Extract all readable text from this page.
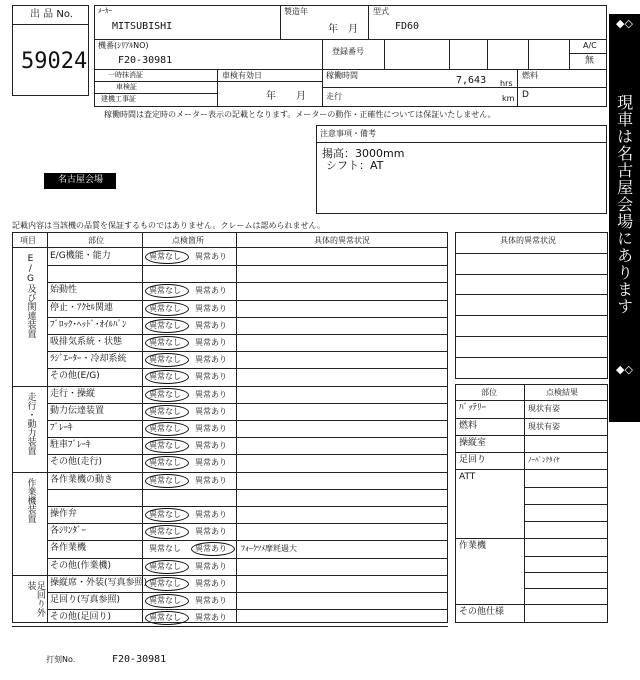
出 品 No.
59024
ﾒｰｶｰ
MITSUBISHI
製造年
年　月
型式
FD60
機番(ｼﾘｱﾙNO)
F20-30981
登録番号
A/C
無
一時抹消証
車検証
建機工事証
車検有効日
年　　月
稼働時間	7,643 hrs
走行	km
燃料
D
稼働時間は査定時のメーター表示の記載となります。メーターの動作・正確性については保証いたしません。
注意事項・備考
揚高：3000mm
シフト：AT
名古屋会場
◆◇
現車は名古屋会場にあります
◆◇
記載内容は当該機の品質を保証するものではありません。クレームは認められません。
項目	部位	点検箇所	具体的異常状況
E/G機能・能力	異常なし 異常あり
始動性	異常なし 異常あり
停止・ｱｸｾﾙ関連	異常なし 異常あり
ﾌﾞﾛｯｸ･ﾍｯﾄﾞ･ｵｲﾙﾊﾟﾝ	異常なし 異常あり
吸排気系統・状態	異常なし 異常あり
ﾗｼﾞｴｰﾀｰ・冷却系統	異常なし 異常あり
その他(E/G)	異常なし 異常あり
E/G及び関連装置
走行・操縦	異常なし 異常あり
動力伝達装置	異常なし 異常あり
ﾌﾞﾚｰｷ	異常なし 異常あり
駐車ﾌﾞﾚｰｷ	異常なし 異常あり
その他(走行)	異常なし 異常あり
走行・動力装置
各作業機の動き	異常なし 異常あり
操作弁	異常なし 異常あり
各ｼﾘﾝﾀﾞｰ	異常なし 異常あり
各作業機	異常なし 異常あり ﾌｫｰｸﾂﾒ摩耗過大
その他(作業機)	異常なし 異常あり
作業機装置
操縦席・外装(写真参照) 異常なし 異常あり
足回り(写真参照)	異常なし 異常あり
その他(足回り)	異常なし 異常あり
足回り外装
具体的異常状況
部位	点検結果
ﾊﾞｯﾃﾘｰ	現状有姿
燃料	現状有姿
操縦室
足回り	ﾉｰﾊﾟﾝｸﾀｲﾔ
ATT
作業機
その他仕様
打刻No.	F20-30981
